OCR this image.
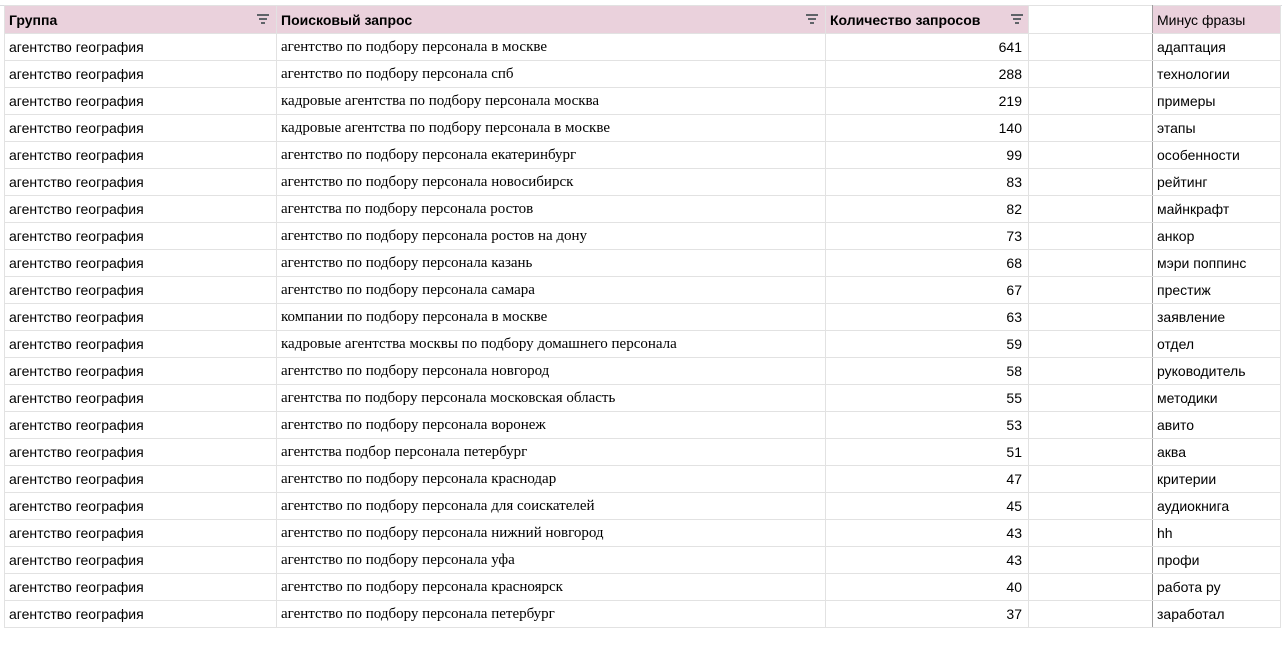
Группа	Поисковый запрос	Количество запросов		Минус фразы
агентство география	агентство по подбору персонала в москве	641		адаптация
агентство география	агентство по подбору персонала спб	288		технологии
агентство география	кадровые агентства по подбору персонала москва	219		примеры
агентство география	кадровые агентства по подбору персонала в москве	140		этапы
агентство география	агентство по подбору персонала екатеринбург	99		особенности
агентство география	агентство по подбору персонала новосибирск	83		рейтинг
агентство география	агентства по подбору персонала ростов	82		майнкрафт
агентство география	агентство по подбору персонала ростов на дону	73		анкор
агентство география	агентство по подбору персонала казань	68		мэри поппинс
агентство география	агентство по подбору персонала самара	67		престиж
агентство география	компании по подбору персонала в москве	63		заявление
агентство география	кадровые агентства москвы по подбору домашнего персонала	59		отдел
агентство география	агентство по подбору персонала новгород	58		руководитель
агентство география	агентства по подбору персонала московская область	55		методики
агентство география	агентство по подбору персонала воронеж	53		авито
агентство география	агентства подбор персонала петербург	51		аква
агентство география	агентство по подбору персонала краснодар	47		критерии
агентство география	агентство по подбору персонала для соискателей	45		аудиокнига
агентство география	агентство по подбору персонала нижний новгород	43		hh
агентство география	агентство по подбору персонала уфа	43		профи
агентство география	агентство по подбору персонала красноярск	40		работа ру
агентство география	агентство по подбору персонала петербург	37		заработал
